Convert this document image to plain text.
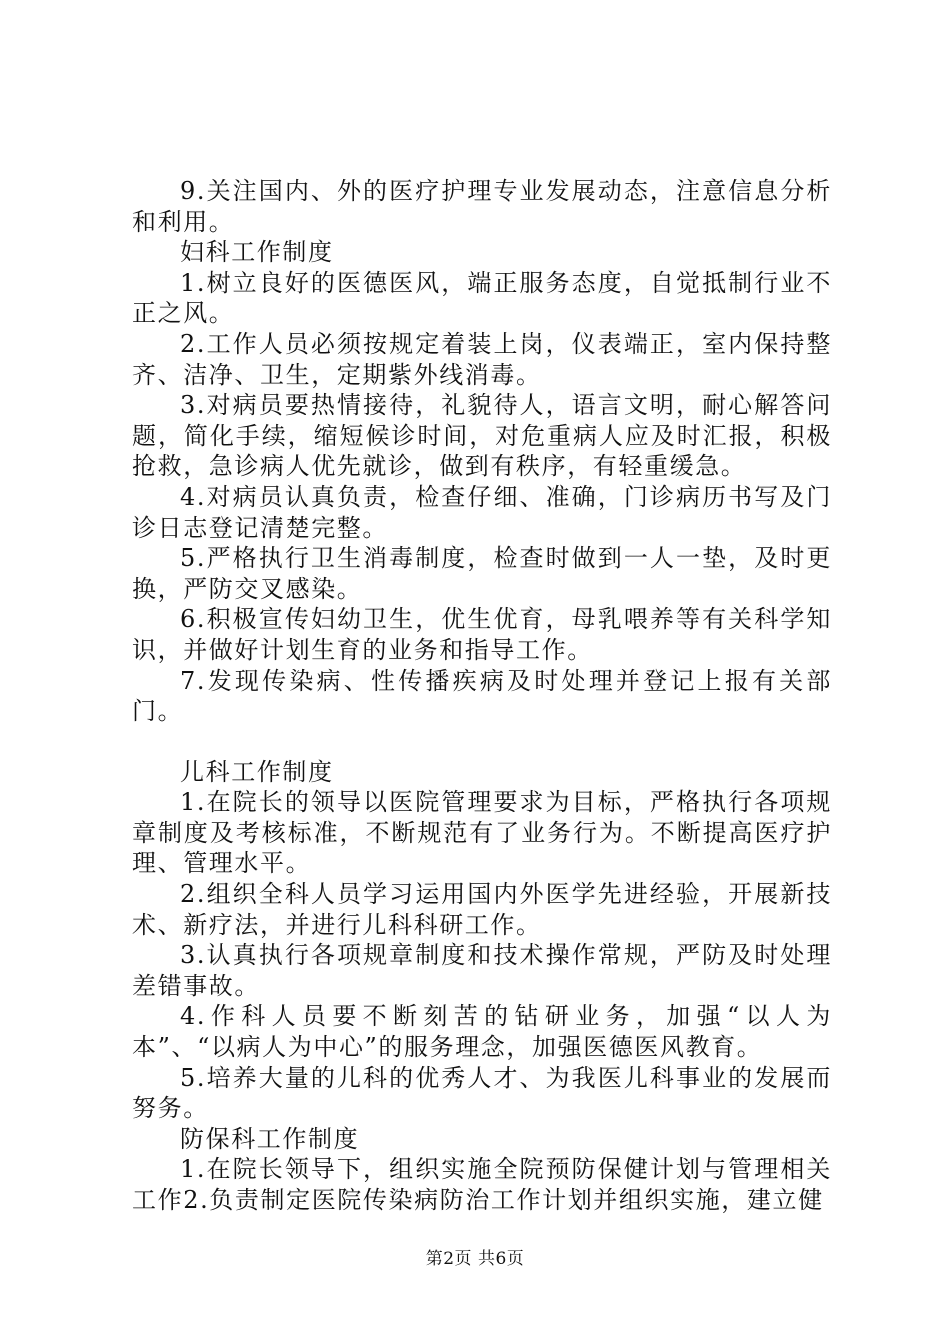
9.关注国内、外的医疗护理专业发展动态，注意信息分析和利用。

妇科工作制度

1.树立良好的医德医风，端正服务态度，自觉抵制行业不正之风。

2.工作人员必须按规定着装上岗，仪表端正，室内保持整齐、洁净、卫生，定期紫外线消毒。

3.对病员要热情接待，礼貌待人，语言文明，耐心解答问题，简化手续，缩短候诊时间，对危重病人应及时汇报，积极抢救，急诊病人优先就诊，做到有秩序，有轻重缓急。

4.对病员认真负责，检查仔细、准确，门诊病历书写及门诊日志登记清楚完整。

5.严格执行卫生消毒制度，检查时做到一人一垫，及时更换，严防交叉感染。

6.积极宣传妇幼卫生，优生优育，母乳喂养等有关科学知识，并做好计划生育的业务和指导工作。

7.发现传染病、性传播疾病及时处理并登记上报有关部门。

儿科工作制度

1.在院长的领导以医院管理要求为目标，严格执行各项规章制度及考核标准，不断规范有了业务行为。不断提高医疗护理、管理水平。

2.组织全科人员学习运用国内外医学先进经验，开展新技术、新疗法，并进行儿科科研工作。

3.认真执行各项规章制度和技术操作常规，严防及时处理差错事故。

4.作科人员要不断刻苦的钻研业务，加强“以人为本”、“以病人为中心”的服务理念，加强医德医风教育。

5.培养大量的儿科的优秀人才、为我医儿科事业的发展而努务。

防保科工作制度

1.在院长领导下，组织实施全院预防保健计划与管理相关工作2.负责制定医院传染病防治工作计划并组织实施，建立健

第2页 共6页
